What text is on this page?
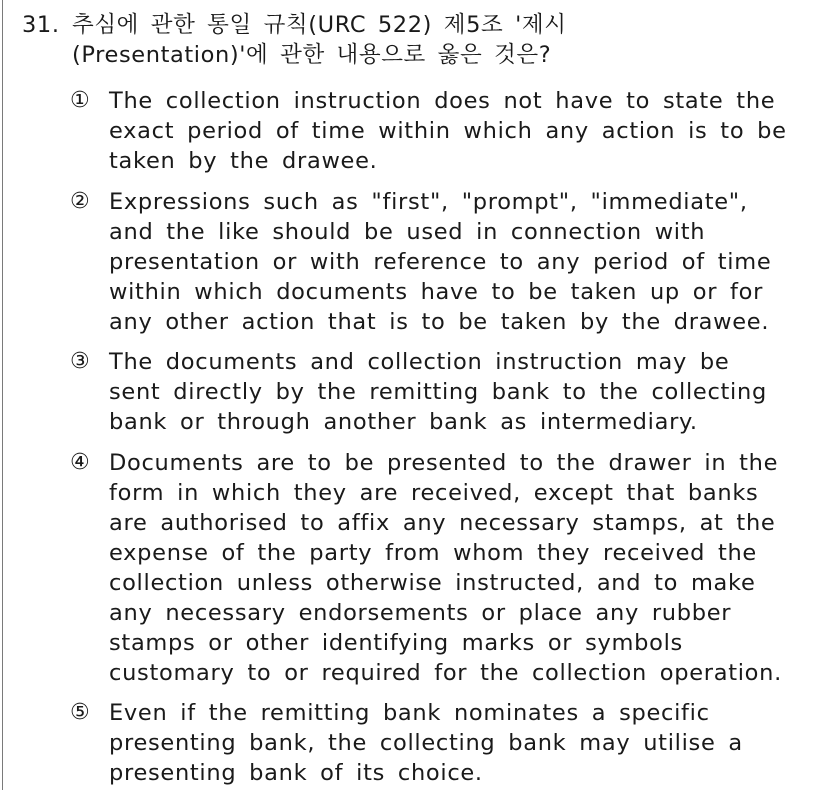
31. 추심에 관한 통일 규칙(URC 522) 제5조 '제시
(Presentation)'에 관한 내용으로 옳은 것은?
① The collection instruction does not have to state the
exact period of time within which any action is to be
taken by the drawee.
② Expressions such as "first", "prompt", "immediate",
and the like should be used in connection with
presentation or with reference to any period of time
within which documents have to be taken up or for
any other action that is to be taken by the drawee.
③ The documents and collection instruction may be
sent directly by the remitting bank to the collecting
bank or through another bank as intermediary.
④ Documents are to be presented to the drawer in the
form in which they are received, except that banks
are authorised to affix any necessary stamps, at the
expense of the party from whom they received the
collection unless otherwise instructed, and to make
any necessary endorsements or place any rubber
stamps or other identifying marks or symbols
customary to or required for the collection operation.
⑤ Even if the remitting bank nominates a specific
presenting bank, the collecting bank may utilise a
presenting bank of its choice.
